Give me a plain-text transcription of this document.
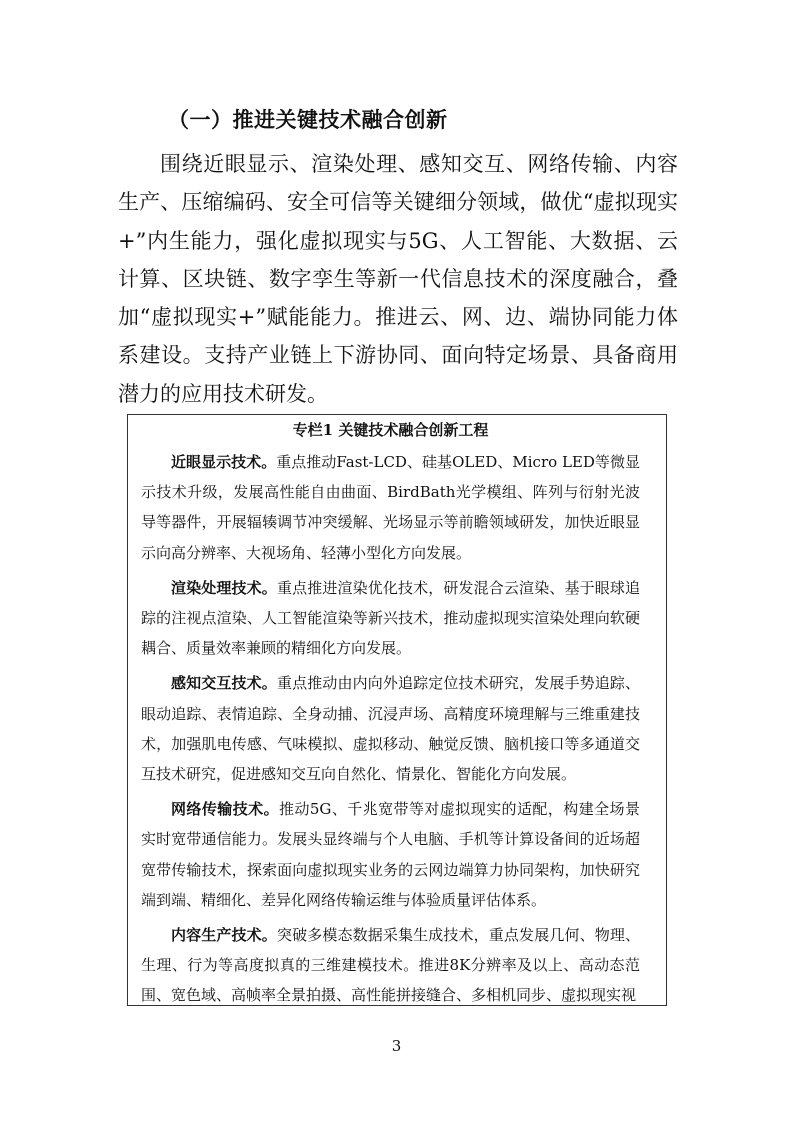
（一）推进关键技术融合创新

围绕近眼显示、渲染处理、感知交互、网络传输、内容生产、压缩编码、安全可信等关键细分领域，做优“虚拟现实+”内生能力，强化虚拟现实与5G、人工智能、大数据、云计算、区块链、数字孪生等新一代信息技术的深度融合，叠加“虚拟现实+”赋能能力。推进云、网、边、端协同能力体系建设。支持产业链上下游协同、面向特定场景、具备商用潜力的应用技术研发。

专栏1 关键技术融合创新工程

近眼显示技术。重点推动Fast-LCD、硅基OLED、Micro LED等微显示技术升级，发展高性能自由曲面、BirdBath光学模组、阵列与衍射光波导等器件，开展辐辏调节冲突缓解、光场显示等前瞻领域研发，加快近眼显示向高分辨率、大视场角、轻薄小型化方向发展。

渲染处理技术。重点推进渲染优化技术，研发混合云渲染、基于眼球追踪的注视点渲染、人工智能渲染等新兴技术，推动虚拟现实渲染处理向软硬耦合、质量效率兼顾的精细化方向发展。

感知交互技术。重点推动由内向外追踪定位技术研究，发展手势追踪、眼动追踪、表情追踪、全身动捕、沉浸声场、高精度环境理解与三维重建技术，加强肌电传感、气味模拟、虚拟移动、触觉反馈、脑机接口等多通道交互技术研究，促进感知交互向自然化、情景化、智能化方向发展。

网络传输技术。推动5G、千兆宽带等对虚拟现实的适配，构建全场景实时宽带通信能力。发展头显终端与个人电脑、手机等计算设备间的近场超宽带传输技术，探索面向虚拟现实业务的云网边端算力协同架构，加快研究端到端、精细化、差异化网络传输运维与体验质量评估体系。

内容生产技术。突破多模态数据采集生成技术，重点发展几何、物理、生理、行为等高度拟真的三维建模技术。推进8K分辨率及以上、高动态范围、宽色域、高帧率全景拍摄、高性能拼接缝合、多相机同步、虚拟现实视

3
